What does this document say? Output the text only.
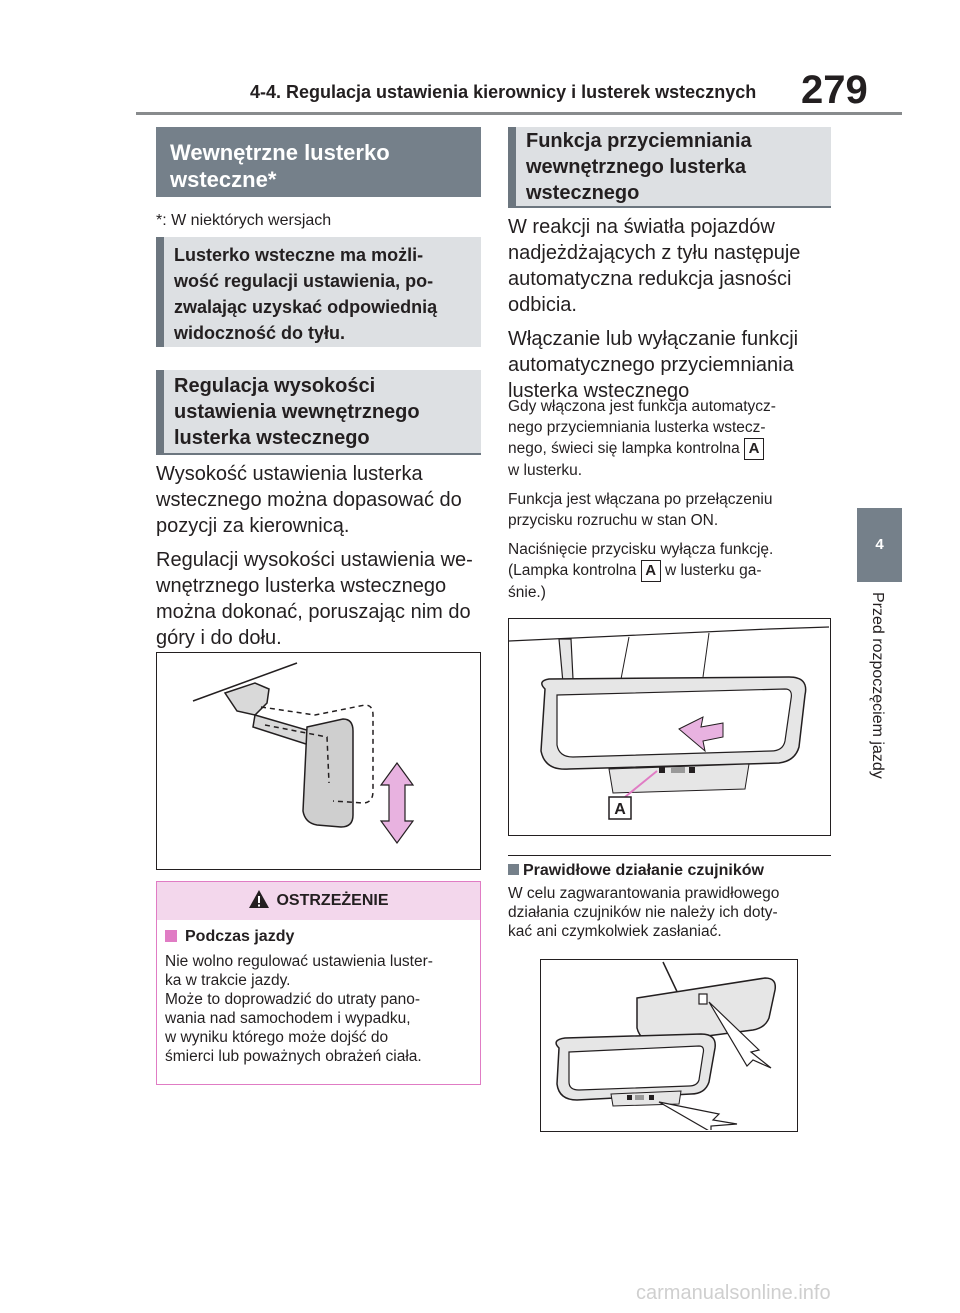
4-4. Regulacja ustawienia kierownicy i lusterek wstecznych 279
4
Przed rozpoczęciem jazdy
Wewnętrzne lusterko
wsteczne*
*: W niektórych wersjach
Lusterko wsteczne ma możli-
wość regulacji ustawienia, po-
zwalając uzyskać odpowiednią
widoczność do tyłu.
Regulacja wysokości
ustawienia wewnętrznego
lusterka wstecznego
Wysokość ustawienia lusterka
wstecznego można dopasować do
pozycji za kierownicą.
Regulacji wysokości ustawienia we-
wnętrznego lusterka wstecznego
można dokonać, poruszając nim do
góry i do dołu.
OSTRZEŻENIE
Podczas jazdy
Nie wolno regulować ustawienia luster-
ka w trakcie jazdy.
Może to doprowadzić do utraty pano-
wania nad samochodem i wypadku,
w wyniku którego może dojść do
śmierci lub poważnych obrażeń ciała.
Funkcja przyciemniania
wewnętrznego lusterka
wstecznego
W reakcji na światła pojazdów
nadjeżdżających z tyłu następuje
automatyczna redukcja jasności
odbicia.
Włączanie lub wyłączanie funkcji
automatycznego przyciemniania
lusterka wstecznego
Gdy włączona jest funkcja automatycz-
nego przyciemniania lusterka wstecz-
nego, świeci się lampka kontrolna A
w lusterku.
Funkcja jest włączana po przełączeniu
przycisku rozruchu w stan ON.
Naciśnięcie przycisku wyłącza funkcję.
(Lampka kontrolna A w lusterku ga-
śnie.)
A
Prawidłowe działanie czujników
W celu zagwarantowania prawidłowego
działania czujników nie należy ich doty-
kać ani czymkolwiek zasłaniać.
carmanualsonline.info
